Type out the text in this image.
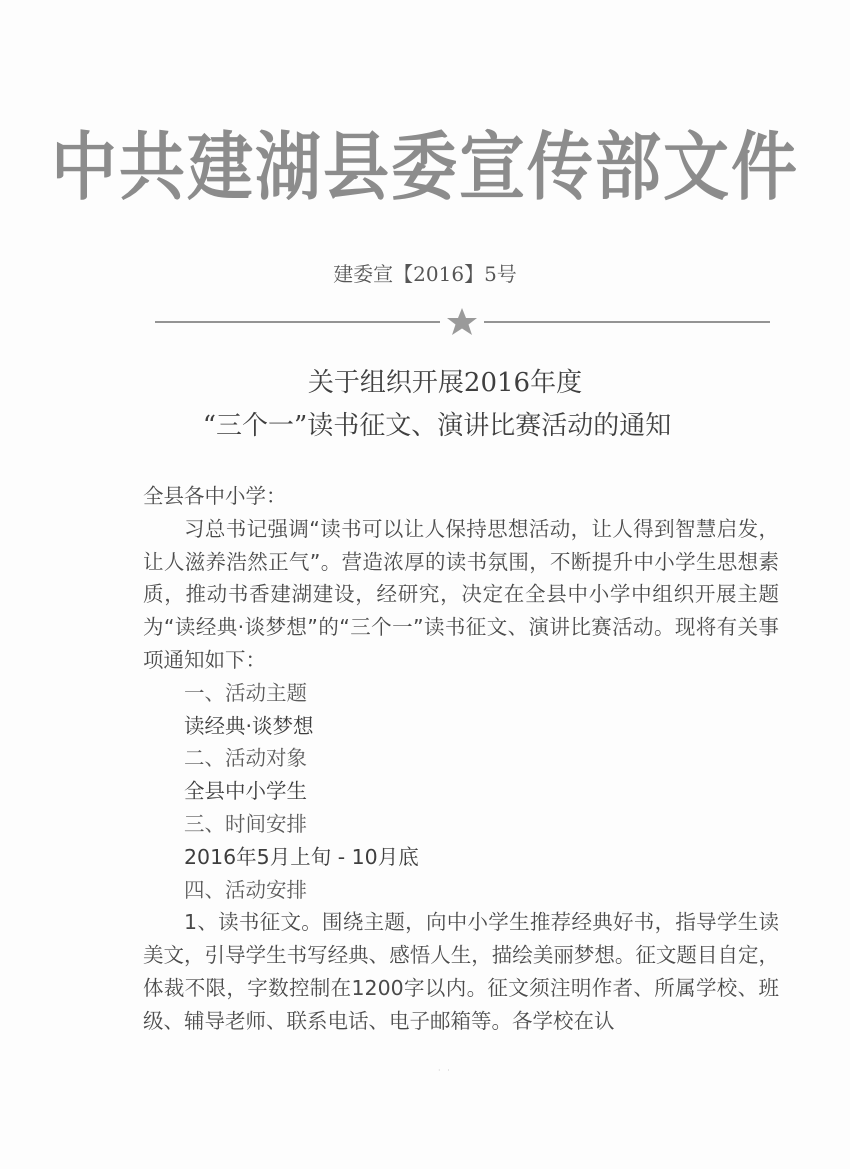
中共建湖县委宣传部文件
建委宣【2016】5号
关于组织开展2016年度
“三个一”读书征文、演讲比赛活动的通知

全县各中小学：

习总书记强调“读书可以让人保持思想活动，让人得到智慧启发，让人滋养浩然正气”。营造浓厚的读书氛围，不断提升中小学生思想素质，推动书香建湖建设，经研究，决定在全县中小学中组织开展主题为“读经典·谈梦想”的“三个一”读书征文、演讲比赛活动。现将有关事项通知如下：

一、活动主题

读经典·谈梦想

二、活动对象

全县中小学生

三、时间安排

2016年5月上旬 - 10月底

四、活动安排

1、读书征文。围绕主题，向中小学生推荐经典好书，指导学生读美文，引导学生书写经典、感悟人生，描绘美丽梦想。征文题目自定，体裁不限，字数控制在1200字以内。征文须注明作者、所属学校、班级、辅导老师、联系电话、电子邮箱等。各学校在认

· ·
